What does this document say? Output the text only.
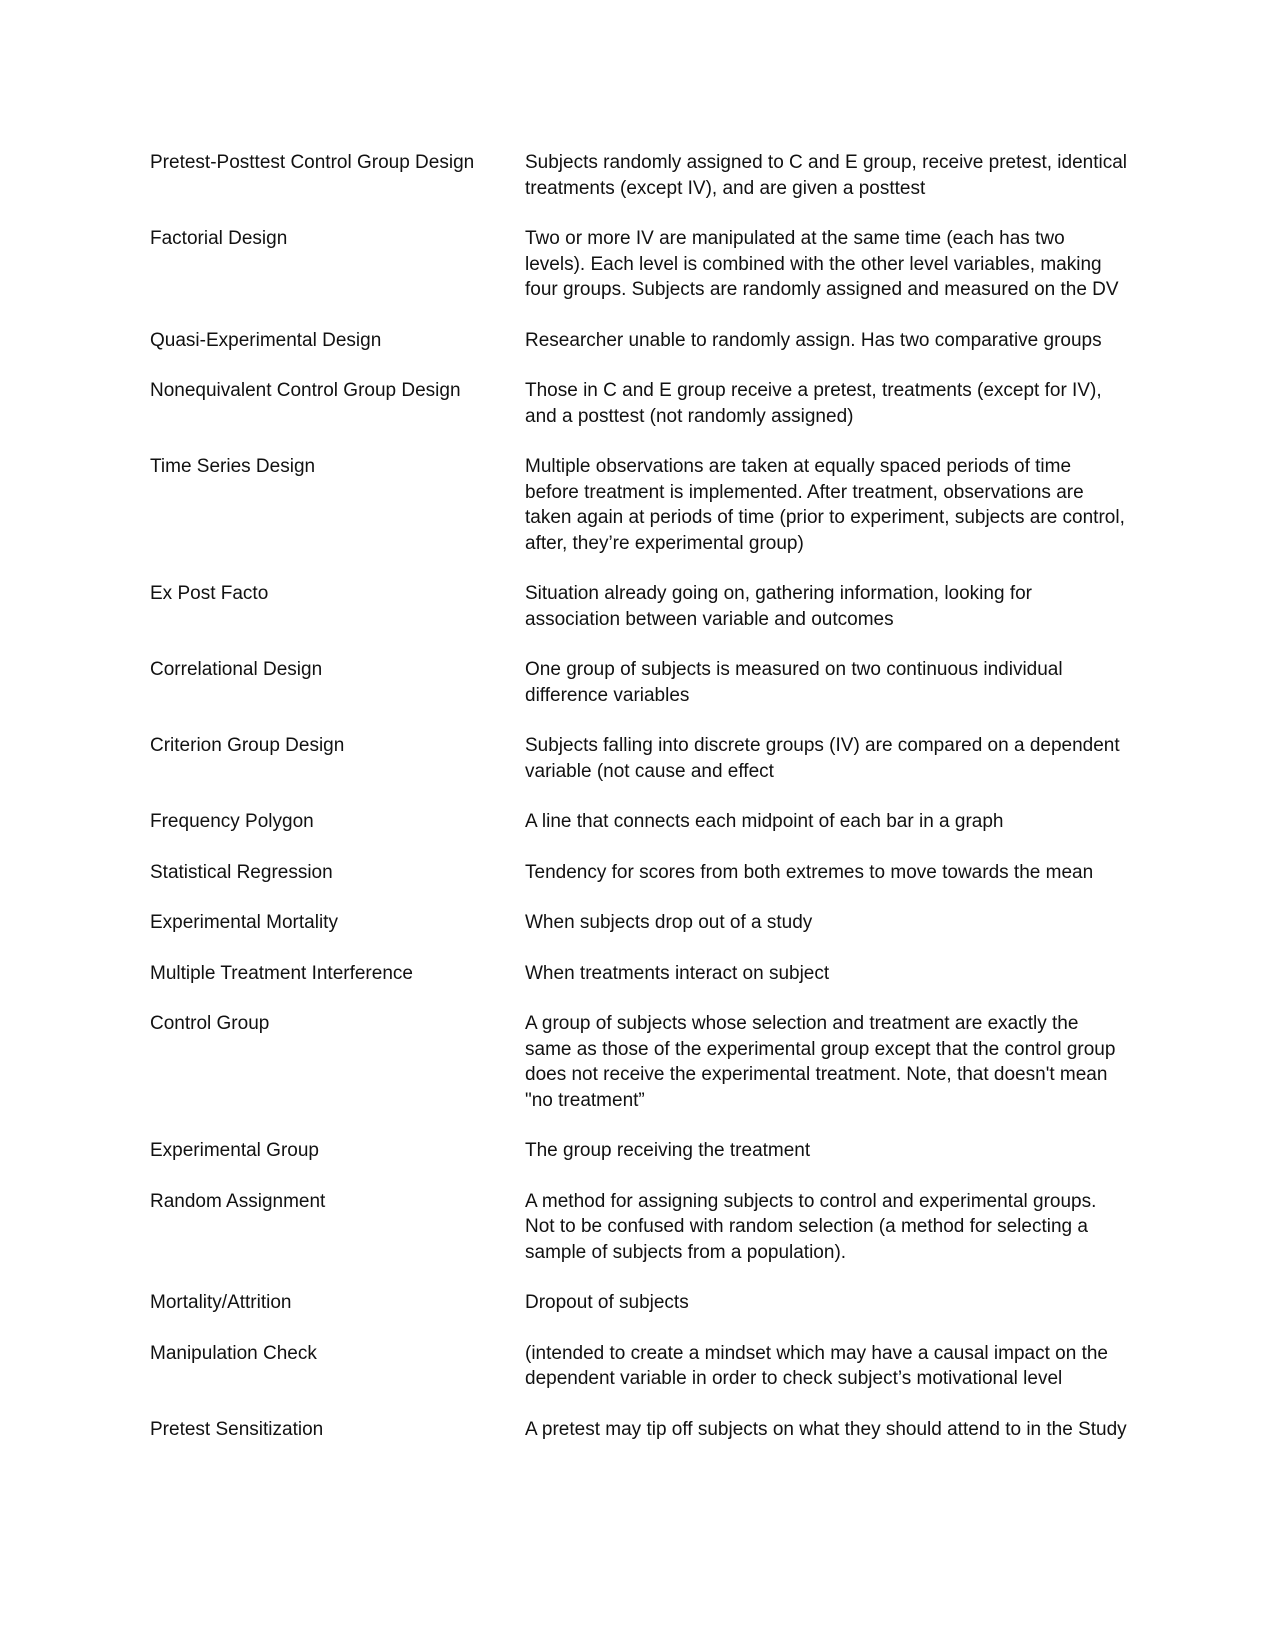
Pretest-Posttest Control Group Design	Subjects randomly assigned to C and E group, receive pretest, identical treatments (except IV), and are given a posttest
Factorial Design	Two or more IV are manipulated at the same time (each has two levels). Each level is combined with the other level variables, making four groups. Subjects are randomly assigned and measured on the DV
Quasi-Experimental Design	Researcher unable to randomly assign. Has two comparative groups
Nonequivalent Control Group Design	Those in C and E group receive a pretest, treatments (except for IV), and a posttest (not randomly assigned)
Time Series Design	Multiple observations are taken at equally spaced periods of time before treatment is implemented. After treatment, observations are taken again at periods of time (prior to experiment, subjects are control, after, they’re experimental group)
Ex Post Facto	Situation already going on, gathering information, looking for association between variable and outcomes
Correlational Design	One group of subjects is measured on two continuous individual difference variables
Criterion Group Design	Subjects falling into discrete groups (IV) are compared on a dependent variable (not cause and effect
Frequency Polygon	A line that connects each midpoint of each bar in a graph
Statistical Regression	Tendency for scores from both extremes to move towards the mean
Experimental Mortality	When subjects drop out of a study
Multiple Treatment Interference	When treatments interact on subject
Control Group	A group of subjects whose selection and treatment are exactly the same as those of the experimental group except that the control group does not receive the experimental treatment. Note, that doesn't mean "no treatment”
Experimental Group	The group receiving the treatment
Random Assignment	A method for assigning subjects to control and experimental groups. Not to be confused with random selection (a method for selecting a sample of subjects from a population).
Mortality/Attrition	Dropout of subjects
Manipulation Check	(intended to create a mindset which may have a causal impact on the dependent variable in order to check subject’s motivational level
Pretest Sensitization	A pretest may tip off subjects on what they should attend to in the Study
